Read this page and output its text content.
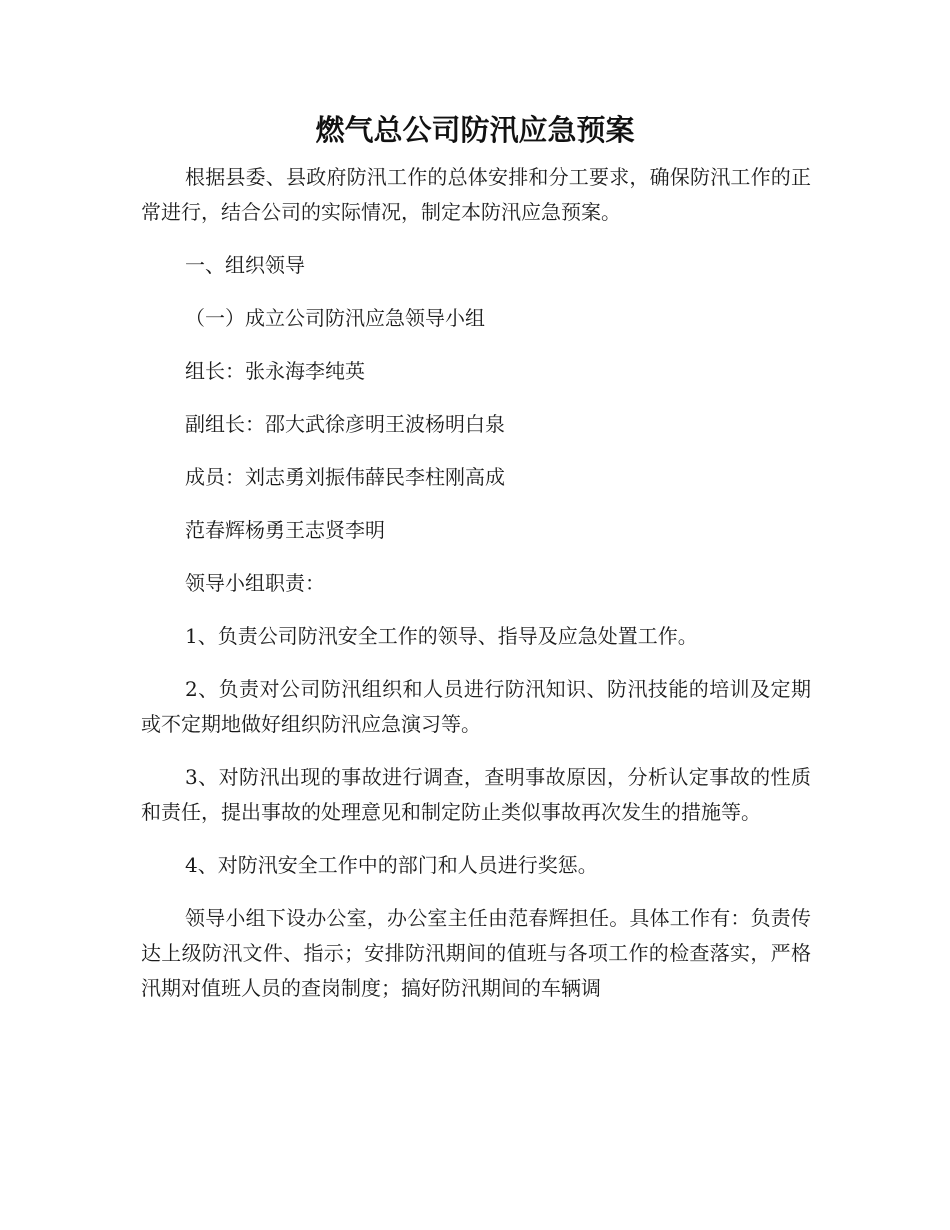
燃气总公司防汛应急预案

根据县委、县政府防汛工作的总体安排和分工要求，确保防汛工作的正常进行，结合公司的实际情况，制定本防汛应急预案。

一、组织领导

（一）成立公司防汛应急领导小组

组长：张永海李纯英

副组长：邵大武徐彦明王波杨明白泉

成员：刘志勇刘振伟薛民李柱刚高成

范春辉杨勇王志贤李明

领导小组职责：

1、负责公司防汛安全工作的领导、指导及应急处置工作。

2、负责对公司防汛组织和人员进行防汛知识、防汛技能的培训及定期或不定期地做好组织防汛应急演习等。

3、对防汛出现的事故进行调查，查明事故原因，分析认定事故的性质和责任，提出事故的处理意见和制定防止类似事故再次发生的措施等。

4、对防汛安全工作中的部门和人员进行奖惩。

领导小组下设办公室，办公室主任由范春辉担任。具体工作有：负责传达上级防汛文件、指示；安排防汛期间的值班与各项工作的检查落实，严格汛期对值班人员的查岗制度；搞好防汛期间的车辆调
